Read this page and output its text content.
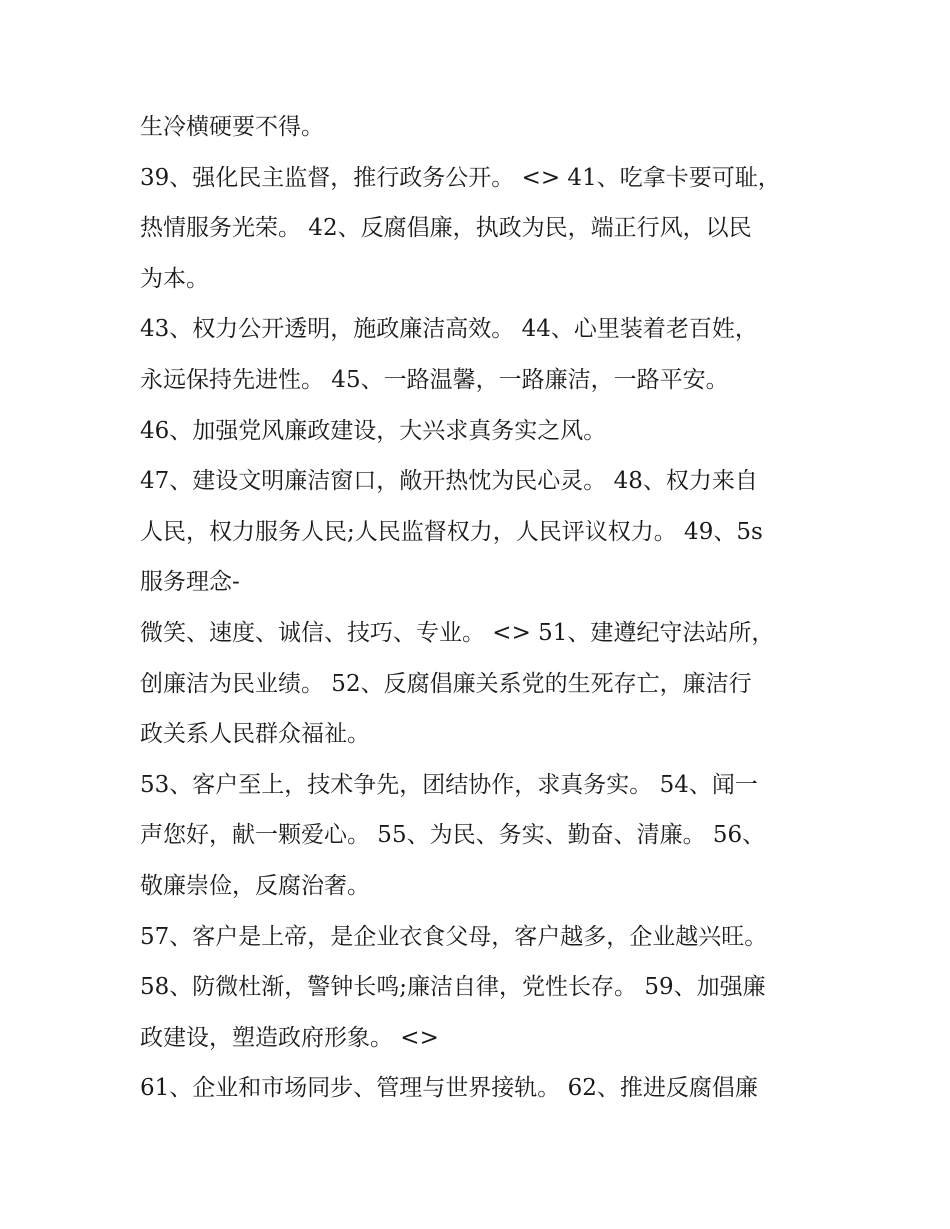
生冷横硬要不得。
39、强化民主监督，推行政务公开。 <> 41、吃拿卡要可耻，
热情服务光荣。 42、反腐倡廉，执政为民，端正行风，以民
为本。
43、权力公开透明，施政廉洁高效。 44、心里装着老百姓，
永远保持先进性。 45、一路温馨，一路廉洁，一路平安。
46、加强党风廉政建设，大兴求真务实之风。
47、建设文明廉洁窗口，敞开热忱为民心灵。 48、权力来自
人民，权力服务人民;人民监督权力，人民评议权力。 49、5s
服务理念-
微笑、速度、诚信、技巧、专业。 <> 51、建遵纪守法站所，
创廉洁为民业绩。 52、反腐倡廉关系党的生死存亡，廉洁行
政关系人民群众福祉。
53、客户至上，技术争先，团结协作，求真务实。 54、闻一
声您好，献一颗爱心。 55、为民、务实、勤奋、清廉。 56、
敬廉崇俭，反腐治奢。
57、客户是上帝，是企业衣食父母，客户越多，企业越兴旺。
58、防微杜渐，警钟长鸣;廉洁自律，党性长存。 59、加强廉
政建设，塑造政府形象。 <>
61、企业和市场同步、管理与世界接轨。 62、推进反腐倡廉
